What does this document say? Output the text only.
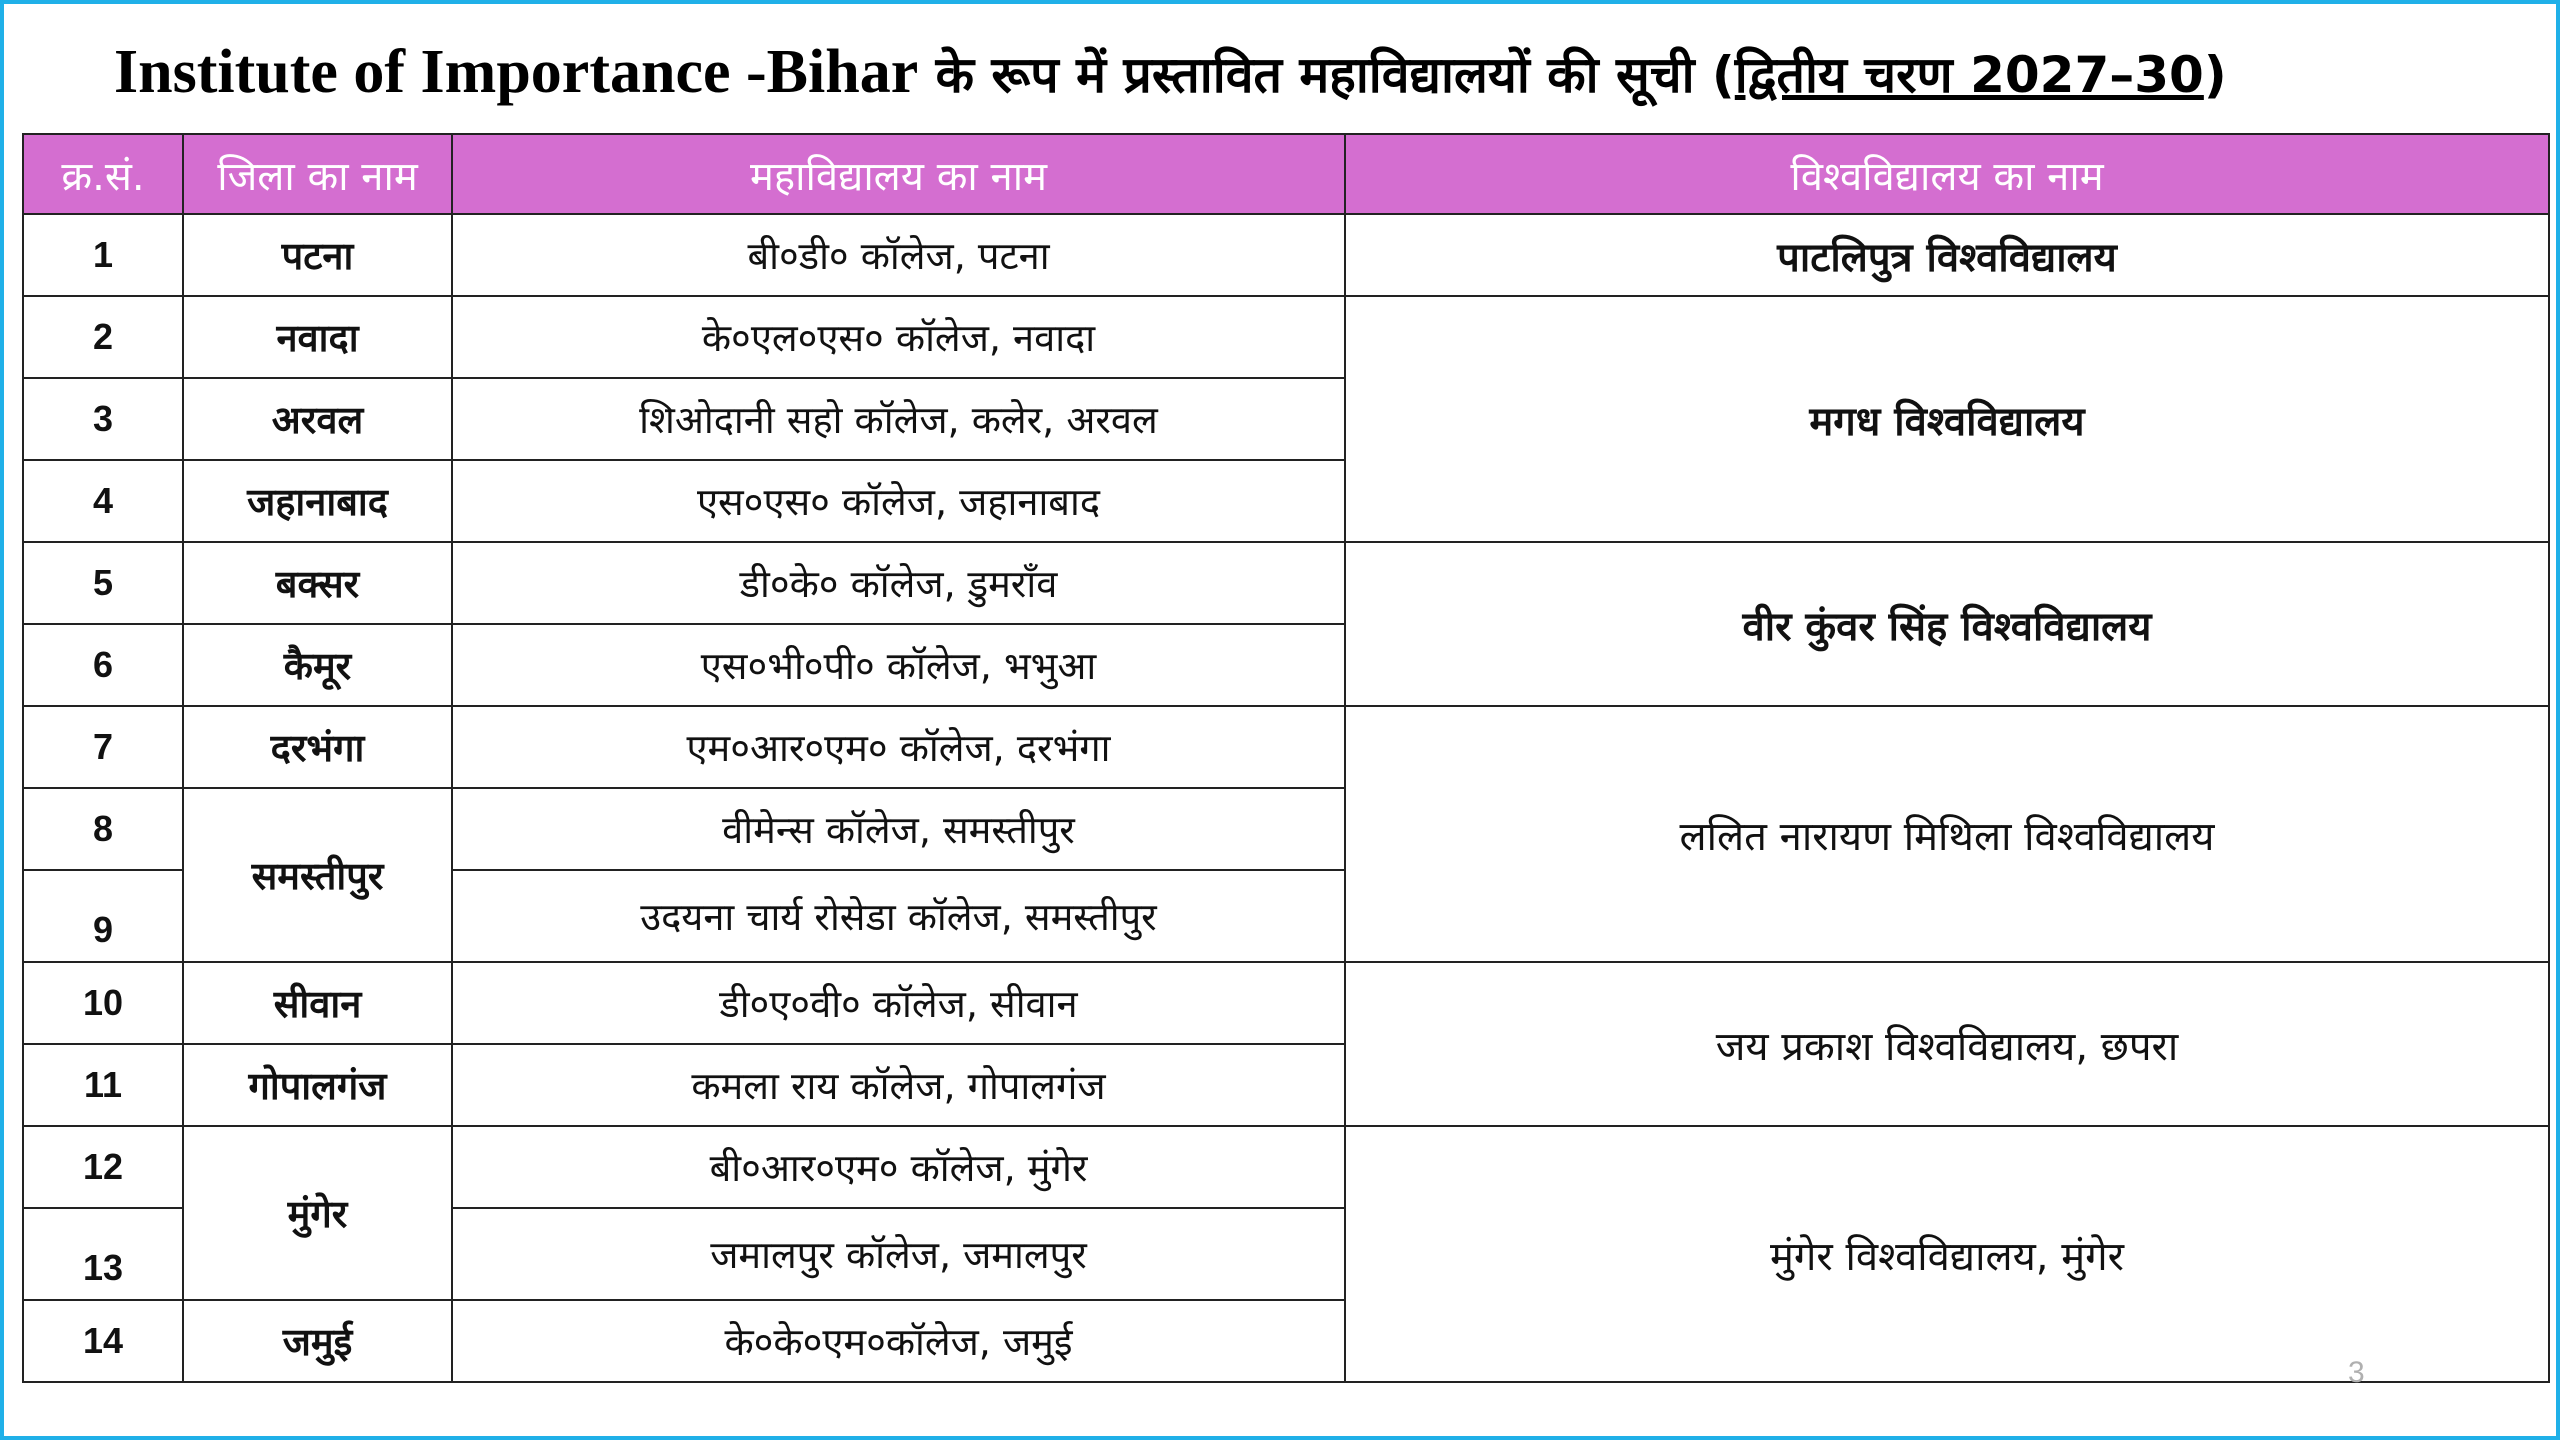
Institute of Importance -Bihar के रूप में प्रस्तावित महाविद्यालयों की सूची (द्वितीय चरण 2027–30)
क्र.सं.	जिला का नाम	महाविद्यालय का नाम	विश्वविद्यालय का नाम
1	पटना	बी०डी० कॉलेज, पटना	पाटलिपुत्र विश्वविद्यालय
2	नवादा	के०एल०एस० कॉलेज, नवादा	मगध विश्वविद्यालय
3	अरवल	शिओदानी सहो कॉलेज, कलेर, अरवल	
4	जहानाबाद	एस०एस० कॉलेज, जहानाबाद	
5	बक्सर	डी०के० कॉलेज, डुमराँव	वीर कुंवर सिंह विश्वविद्यालय
6	कैमूर	एस०भी०पी० कॉलेज, भभुआ	
7	दरभंगा	एम०आर०एम० कॉलेज, दरभंगा	ललित नारायण मिथिला विश्वविद्यालय
8	समस्तीपुर	वीमेन्स कॉलेज, समस्तीपुर	
9		उदयना चार्य रोसेडा कॉलेज, समस्तीपुर	
10	सीवान	डी०ए०वी० कॉलेज, सीवान	जय प्रकाश विश्वविद्यालय, छपरा
11	गोपालगंज	कमला राय कॉलेज, गोपालगंज	
12	मुंगेर	बी०आर०एम० कॉलेज, मुंगेर	मुंगेर विश्वविद्यालय, मुंगेर
13		जमालपुर कॉलेज, जमालपुर	
14	जमुई	के०के०एम०कॉलेज, जमुई	
3
